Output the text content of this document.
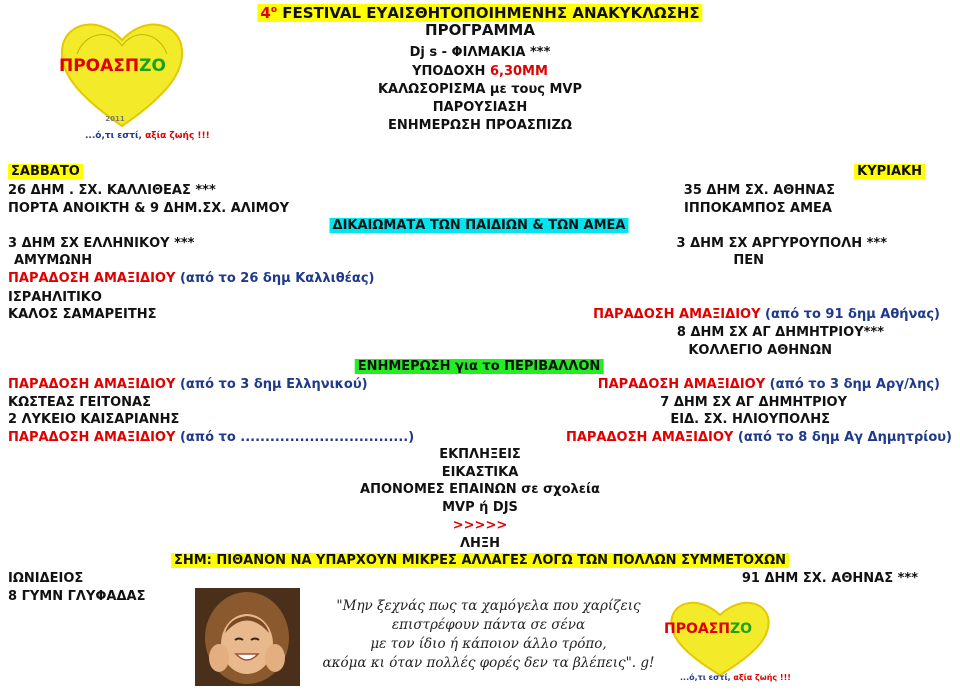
4$^o$ FESTIVAL ΕΥΑΙΣΘΗΤΟΠΟΙΗΜΕΝΗΣ ΑΝΑΚΥΚΛΩΣΗΣ
ΠΡΟΓΡΑΜΜΑ
Dj s - ΦΙΛΜΑΚΙΑ ***
ΥΠΟΔΟΧΗ 6,30ΜΜ
ΚΑΛΩΣΟΡΙΣΜΑ με τους MVP
ΠΑΡΟΥΣΙΑΣΗ
ΕΝΗΜΕΡΩΣΗ ΠΡΟΑΣΠΙΖΩ
2011
ΠΡΟΑΣΠZO
...ό,τι εστί, αξία ζωής !!!
ΣΑΒΒΑΤΟ	ΚΥΡΙΑΚΗ
26 ΔΗΜ . ΣΧ. ΚΑΛΛΙΘΕΑΣ ***
ΠΟΡΤΑ ΑΝΟΙΚΤΗ & 9 ΔΗΜ.ΣΧ. ΑΛΙΜΟΥ
3 ΔΗΜ ΣΧ ΕΛΛΗΝΙΚΟΥ ***
ΑΜΥΜΩΝΗ
ΠΑΡΑΔΟΣΗ ΑΜΑΞΙΔΙΟΥ (από το 26 δημ Καλλιθέας)
ΙΣΡΑΗΛΙΤΙΚΟ
ΚΑΛΟΣ ΣΑΜΑΡΕΙΤΗΣ
ΠΑΡΑΔΟΣΗ ΑΜΑΞΙΔΙΟΥ (από το 3 δημ Ελληνικού)
ΚΩΣΤΕΑΣ ΓΕΙΤΟΝΑΣ
2 ΛΥΚΕΙΟ ΚΑΙΣΑΡΙΑΝΗΣ
ΠΑΡΑΔΟΣΗ ΑΜΑΞΙΔΙΟΥ (από το ..................................)
ΙΩΝΙΔΕΙΟΣ
8 ΓΥΜΝ ΓΛΥΦΑΔΑΣ
35 ΔΗΜ ΣΧ. ΑΘΗΝΑΣ
ΙΠΠΟΚΑΜΠΟΣ ΑΜΕΑ
3 ΔΗΜ ΣΧ ΑΡΓΥΡΟΥΠΟΛΗ ***
ΠΕΝ
ΠΑΡΑΔΟΣΗ ΑΜΑΞΙΔΙΟΥ (από το 91 δημ Αθήνας)
8 ΔΗΜ ΣΧ ΑΓ ΔΗΜΗΤΡΙΟΥ***
ΚΟΛΛΕΓΙΟ ΑΘΗΝΩΝ
ΠΑΡΑΔΟΣΗ ΑΜΑΞΙΔΙΟΥ (από το 3 δημ Αργ/λης)
7 ΔΗΜ ΣΧ ΑΓ ΔΗΜΗΤΡΙΟΥ
ΕΙΔ. ΣΧ. ΗΛΙΟΥΠΟΛΗΣ
ΠΑΡΑΔΟΣΗ ΑΜΑΞΙΔΙΟΥ (από το 8 δημ Αγ Δημητρίου)
91 ΔΗΜ ΣΧ. ΑΘΗΝΑΣ ***
ΔΙΚΑΙΩΜΑΤΑ ΤΩΝ ΠΑΙΔΙΩΝ & ΤΩΝ ΑΜΕΑ
ΕΝΗΜΕΡΩΣΗ για το ΠΕΡΙΒΑΛΛΟΝ
ΕΚΠΛΗΞΕΙΣ
ΕΙΚΑΣΤΙΚΑ
ΑΠΟΝΟΜΕΣ ΕΠΑΙΝΩΝ σε σχολεία
MVP ή DJS
>>>>>
ΛΗΞΗ
ΣΗΜ: ΠΙΘΑΝΟΝ ΝΑ ΥΠΑΡΧΟΥΝ ΜΙΚΡΕΣ ΑΛΛΑΓΕΣ ΛΟΓΩ ΤΩΝ ΠΟΛΛΩΝ ΣΥΜΜΕΤΟΧΩΝ
"Μην ξεχνάς πως τα χαμόγελα που χαρίζεις
επιστρέφουν πάντα σε σένα
με τον ίδιο ή κάποιον άλλο τρόπο,
ακόμα κι όταν πολλές φορές δεν τα βλέπεις". g!
ΠΡΟΑΣΠZO
...ό,τι εστί, αξία ζωής !!!
